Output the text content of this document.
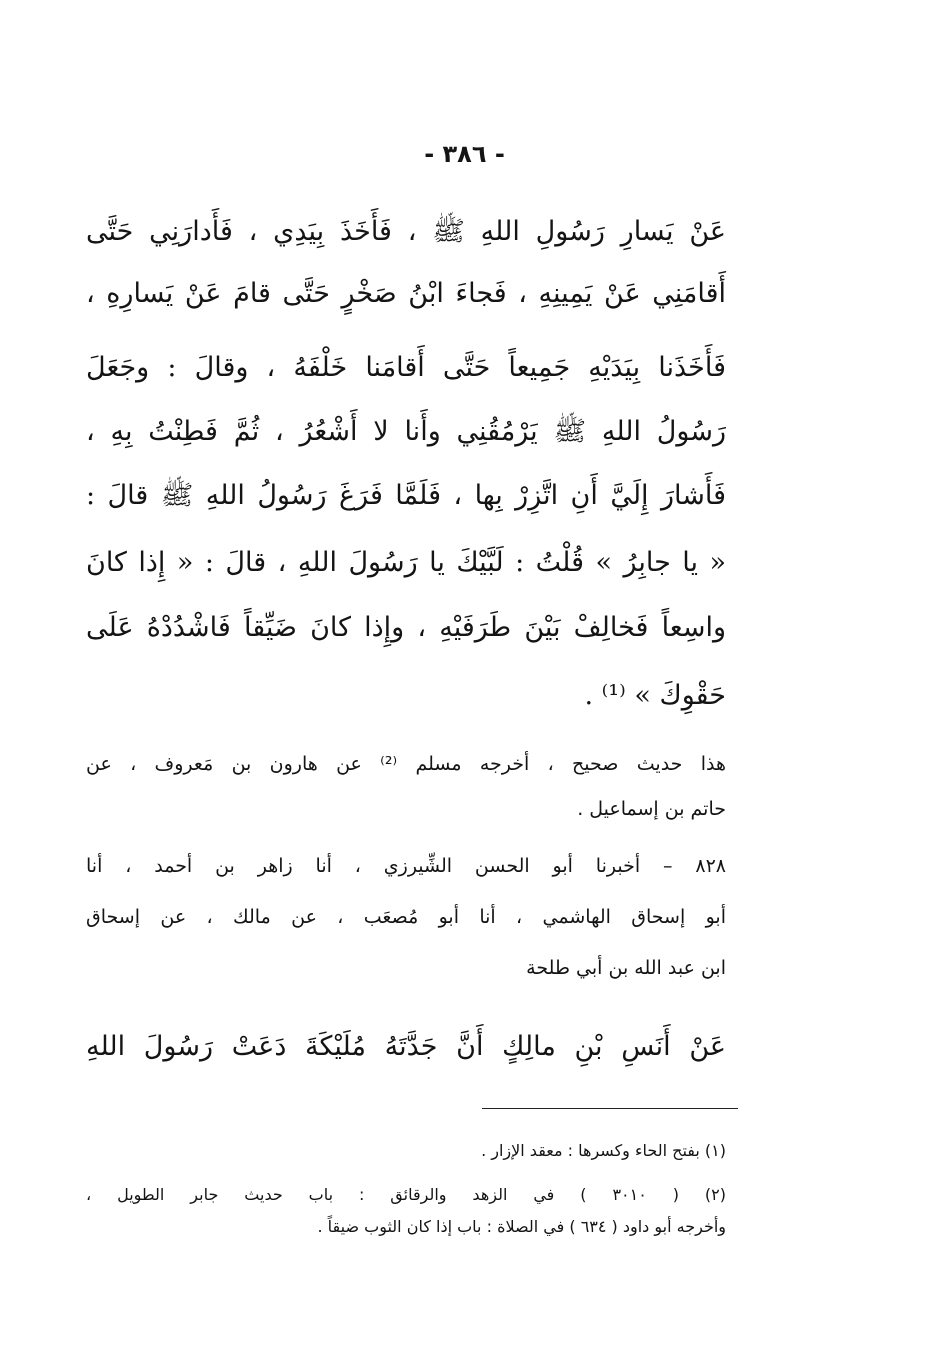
- ٣٨٦ -
عَنْ يَسارِ رَسُولِ اللهِ ﷺ ، فَأَخَذَ بِيَدِي ، فَأَدارَنِي حَتَّى
أَقامَنِي عَنْ يَمِينِهِ ، فَجاءَ ابْنُ صَخْرٍ حَتَّى قامَ عَنْ يَسارِهِ ،
فَأَخَذَنا بِيَدَيْهِ جَمِيعاً حَتَّى أَقامَنا خَلْفَهُ ، وقالَ : وجَعَلَ
رَسُولُ اللهِ ﷺ يَرْمُقُنِي وأَنا لا أَشْعُرُ ، ثُمَّ فَطِنْتُ بِهِ ،
فَأَشارَ إِلَيَّ أَنِ اتَّزِرْ بِها ، فَلَمَّا فَرَغَ رَسُولُ اللهِ ﷺ قالَ :
« يا جابِرُ » قُلْتُ : لَبَّيْكَ يا رَسُولَ اللهِ ، قالَ : « إِذا كانَ
واسِعاً فَخالِفْ بَيْنَ طَرَفَيْهِ ، وإِذا كانَ ضَيِّقاً فَاشْدُدْهُ عَلَى
حَقْوِكَ » ⁽¹⁾ .
هذا حديث صحيح ، أخرجه مسلم ⁽²⁾ عن هارون بن مَعروف ، عن
حاتم بن إسماعيل .
٨٢٨ – أخبرنا أبو الحسن الشِّيرزي ، أنا زاهر بن أحمد ، أنا
أبو إسحاق الهاشمي ، أنا أبو مُصعَب ، عن مالك ، عن إسحاق
ابن عبد الله بن أبي طلحة
عَنْ أَنَسِ بْنِ مالِكٍ أَنَّ جَدَّتَهُ مُلَيْكَةَ دَعَتْ رَسُولَ اللهِ
(١) بفتح الحاء وكسرها : معقد الإزار .
(٢) ( ٣٠١٠ ) في الزهد والرقائق : باب حديث جابر الطويل ،
وأخرجه أبو داود ( ٦٣٤ ) في الصلاة : باب إذا كان الثوب ضيقاً .
